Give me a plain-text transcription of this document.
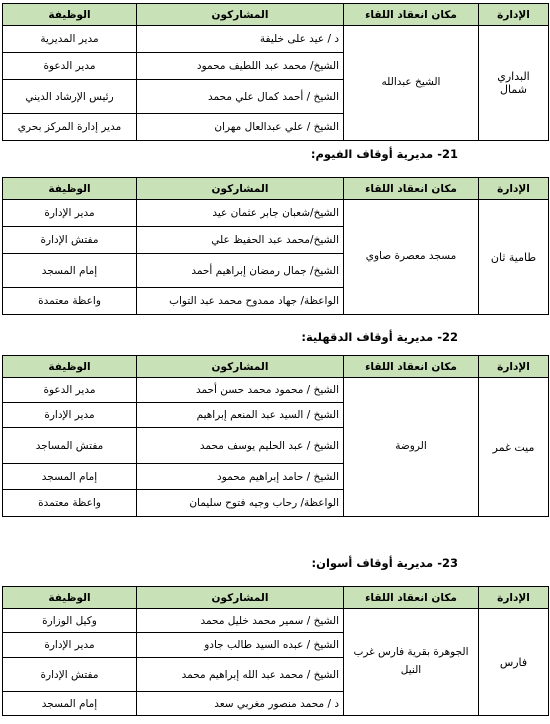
الإدارة	مكان انعقاد اللقاء	المشاركون	الوظيفة
البداري شمال	الشيخ عبدالله	د / عيد على خليفة	مدير المديرية
		الشيخ/ محمد عبد اللطيف محمود	مدير الدعوة
		الشيخ / أحمد كمال علي محمد	رئيس الإرشاد الديني
		الشيخ / علي عبدالعال مهران	مدير إدارة المركز بحري
21- مديرية أوقاف الفيوم:
الإدارة	مكان انعقاد اللقاء	المشاركون	الوظيفة
طامية ثان	مسجد معصرة صاوي	الشيخ/شعبان جابر عثمان عيد	مدير الإدارة
		الشيخ/محمد عبد الحفيظ علي	مفتش الإدارة
		الشيخ/ جمال رمضان إبراهيم أحمد	إمام المسجد
		الواعظة/ جهاد ممدوح محمد عبد التواب	واعظة معتمدة
22- مديرية أوقاف الدقهلية:
الإدارة	مكان انعقاد اللقاء	المشاركون	الوظيفة
ميت غمر	الروضة	الشيخ / محمود محمد حسن أحمد	مدير الدعوة
		الشيخ / السيد عبد المنعم إبراهيم	مدير الإدارة
		الشيخ / عبد الحليم يوسف محمد	مفتش المساجد
		الشيخ / حامد إبراهيم محمود	إمام المسجد
		الواعظة/ رحاب وجيه فتوح سليمان	واعظة معتمدة
23- مديرية أوقاف أسوان:
الإدارة	مكان انعقاد اللقاء	المشاركون	الوظيفة
فارس	الجوهرة بقرية فارس غرب النيل	الشيخ / سمير محمد خليل محمد	وكيل الوزارة
		الشيخ / عبده السيد طالب جادو	مدير الإدارة
		الشيخ / محمد عبد الله إبراهيم محمد	مفتش الإدارة
		د / محمد منصور مغربي سعد	إمام المسجد
